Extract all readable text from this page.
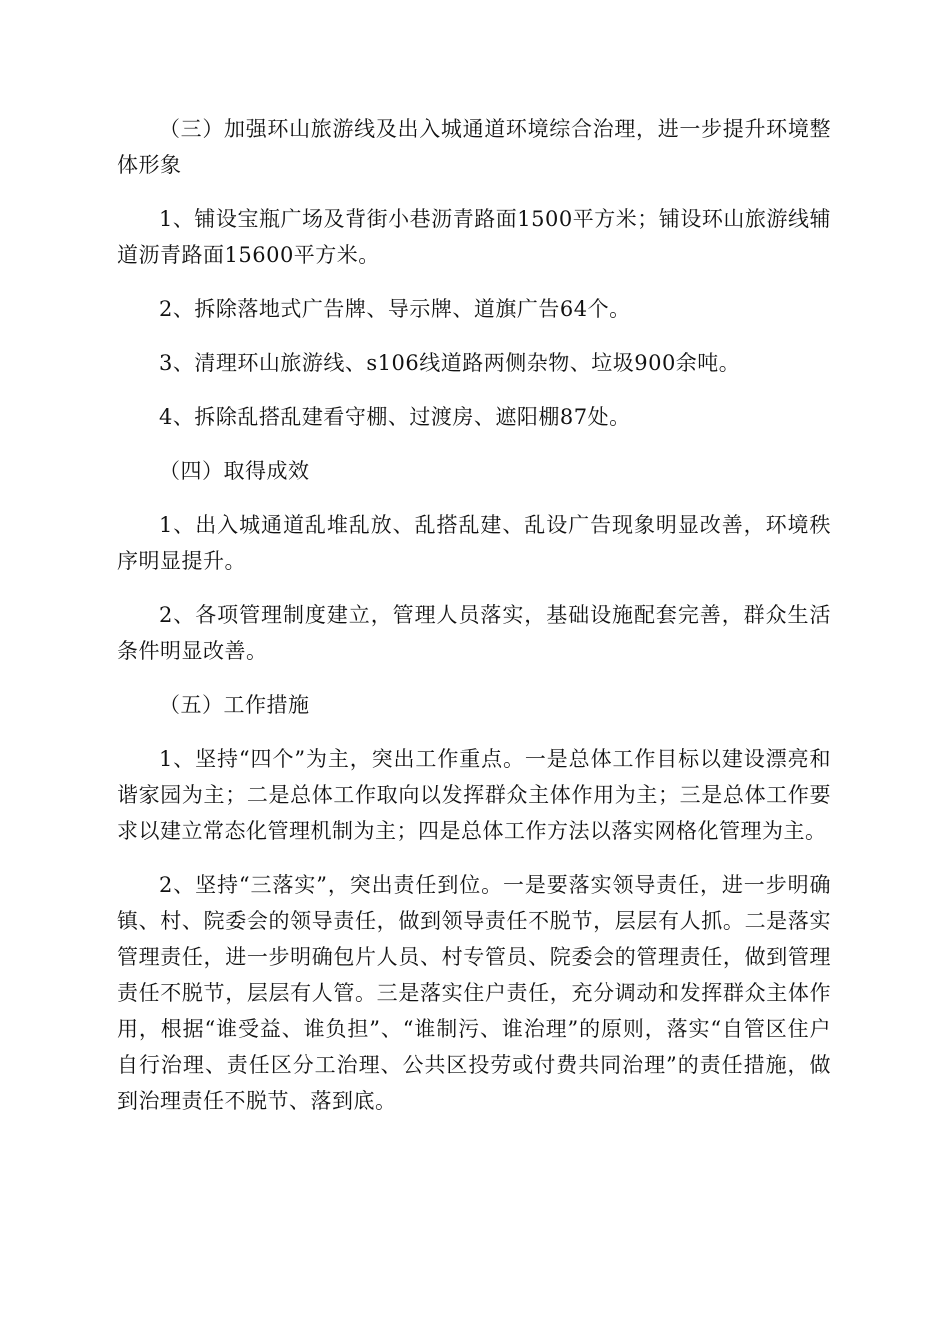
（三）加强环山旅游线及出入城通道环境综合治理，进一步提升环境整体形象

1、铺设宝瓶广场及背街小巷沥青路面1500平方米；铺设环山旅游线辅道沥青路面15600平方米。

2、拆除落地式广告牌、导示牌、道旗广告64个。

3、清理环山旅游线、s106线道路两侧杂物、垃圾900余吨。

4、拆除乱搭乱建看守棚、过渡房、遮阳棚87处。

（四）取得成效

1、出入城通道乱堆乱放、乱搭乱建、乱设广告现象明显改善，环境秩序明显提升。

2、各项管理制度建立，管理人员落实，基础设施配套完善，群众生活条件明显改善。

（五）工作措施

1、坚持“四个”为主，突出工作重点。一是总体工作目标以建设漂亮和谐家园为主；二是总体工作取向以发挥群众主体作用为主；三是总体工作要求以建立常态化管理机制为主；四是总体工作方法以落实网格化管理为主。

2、坚持“三落实”，突出责任到位。一是要落实领导责任，进一步明确镇、村、院委会的领导责任，做到领导责任不脱节，层层有人抓。二是落实管理责任，进一步明确包片人员、村专管员、院委会的管理责任，做到管理责任不脱节，层层有人管。三是落实住户责任，充分调动和发挥群众主体作用，根据“谁受益、谁负担”、“谁制污、谁治理”的原则，落实“自管区住户自行治理、责任区分工治理、公共区投劳或付费共同治理”的责任措施，做到治理责任不脱节、落到底。
